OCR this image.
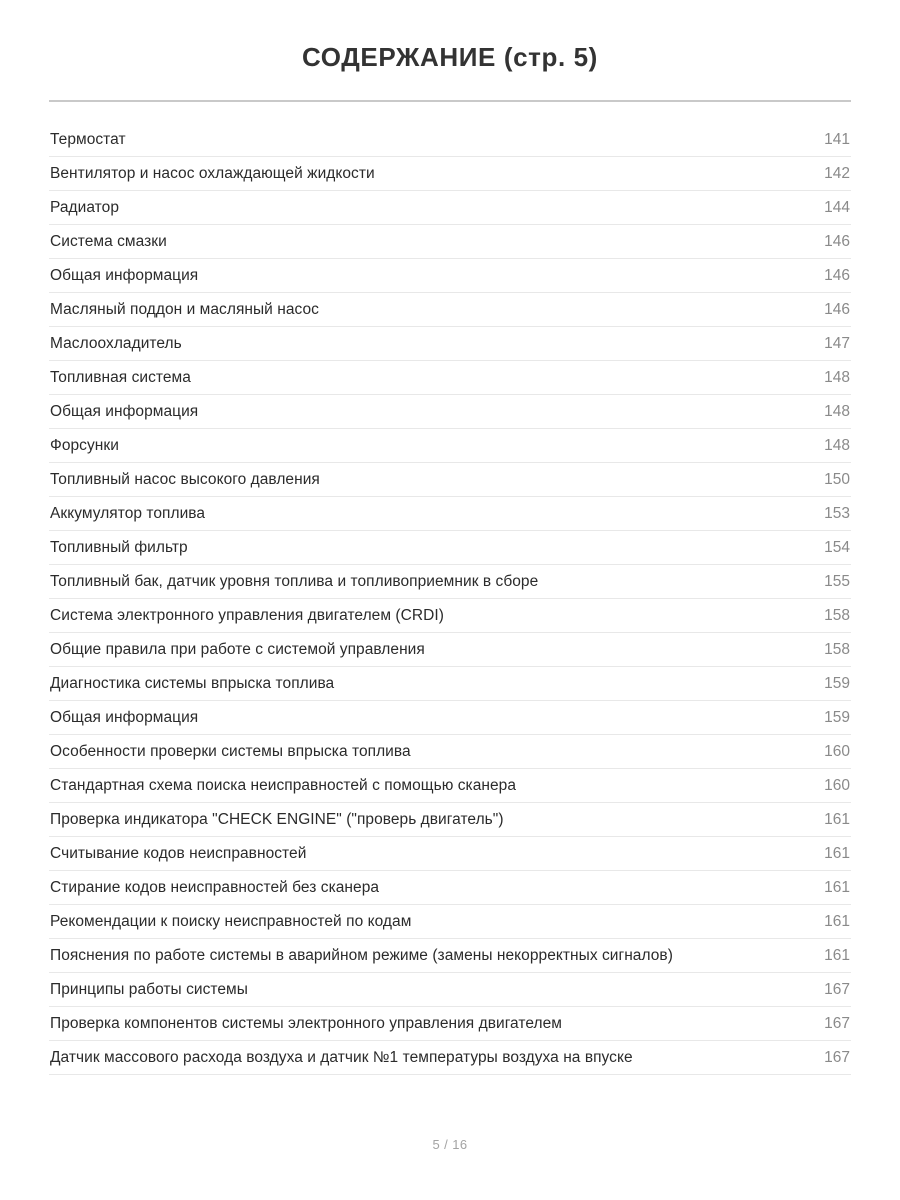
СОДЕРЖАНИЕ (стр. 5)
Термостат	141
Вентилятор и насос охлаждающей жидкости	142
Радиатор	144
Система смазки	146
Общая информация	146
Масляный поддон и масляный насос	146
Маслоохладитель	147
Топливная система	148
Общая информация	148
Форсунки	148
Топливный насос высокого давления	150
Аккумулятор топлива	153
Топливный фильтр	154
Топливный бак, датчик уровня топлива и топливоприемник в сборе	155
Система электронного управления двигателем (CRDI)	158
Общие правила при работе с системой управления	158
Диагностика системы впрыска топлива	159
Общая информация	159
Особенности проверки системы впрыска топлива	160
Стандартная схема поиска неисправностей с помощью сканера	160
Проверка индикатора "CHECK ENGINE" ("проверь двигатель")	161
Считывание кодов неисправностей	161
Стирание кодов неисправностей без сканера	161
Рекомендации к поиску неисправностей по кодам	161
Пояснения по работе системы в аварийном режиме (замены некорректных сигналов)	161
Принципы работы системы	167
Проверка компонентов системы электронного управления двигателем	167
Датчик массового расхода воздуха и датчик №1 температуры воздуха на впуске	167
5 / 16
